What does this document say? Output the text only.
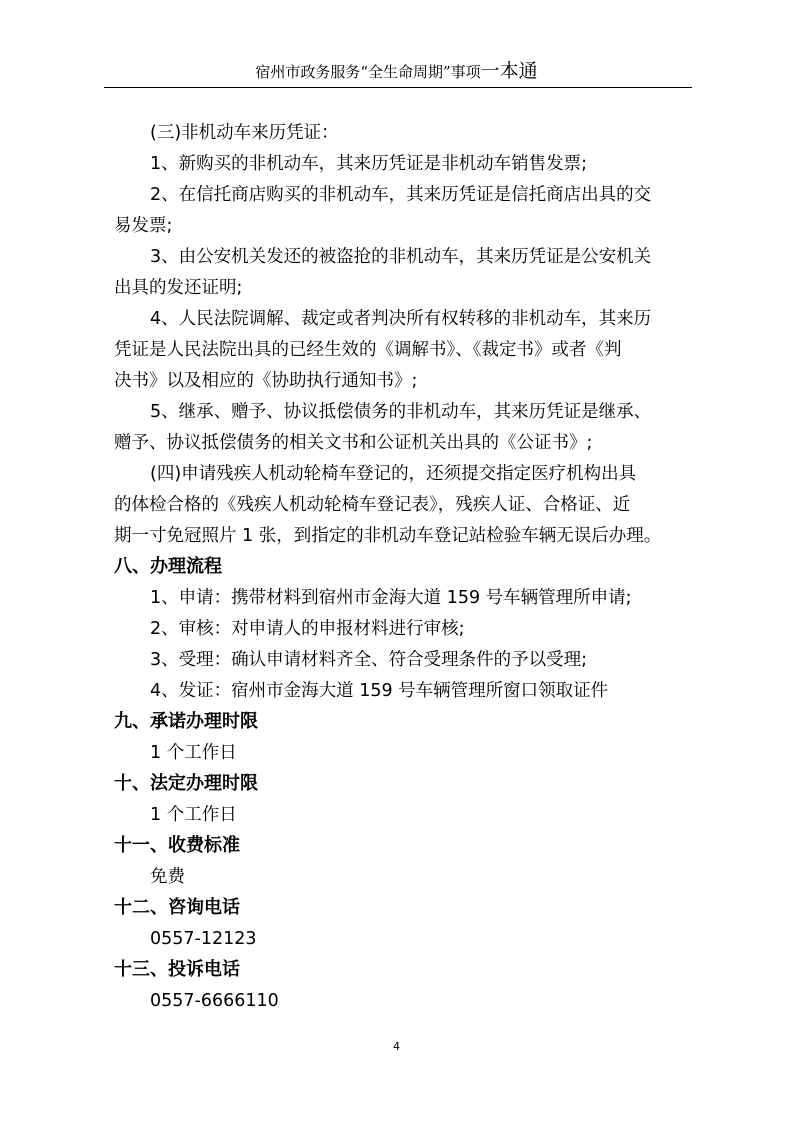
宿州市政务服务“全生命周期”事项一本通
(三)非机动车来历凭证：
1、新购买的非机动车，其来历凭证是非机动车销售发票;
2、在信托商店购买的非机动车，其来历凭证是信托商店出具的交
易发票;
3、由公安机关发还的被盗抢的非机动车，其来历凭证是公安机关
出具的发还证明;
4、人民法院调解、裁定或者判决所有权转移的非机动车，其来历
凭证是人民法院出具的已经生效的《调解书》、《裁定书》或者《判
决书》以及相应的《协助执行通知书》;
5、继承、赠予、协议抵偿债务的非机动车，其来历凭证是继承、
赠予、协议抵偿债务的相关文书和公证机关出具的《公证书》;
(四)申请残疾人机动轮椅车登记的，还须提交指定医疗机构出具
的体检合格的《残疾人机动轮椅车登记表》，残疾人证、合格证、近
期一寸免冠照片 1 张，到指定的非机动车登记站检验车辆无误后办理。
八、办理流程
1、申请：携带材料到宿州市金海大道 159 号车辆管理所申请;
2、审核：对申请人的申报材料进行审核;
3、受理：确认申请材料齐全、符合受理条件的予以受理;
4、发证：宿州市金海大道 159 号车辆管理所窗口领取证件
九、承诺办理时限
1 个工作日
十、法定办理时限
1 个工作日
十一、收费标准
免费
十二、咨询电话
0557-12123
十三、投诉电话
0557-6666110
4
